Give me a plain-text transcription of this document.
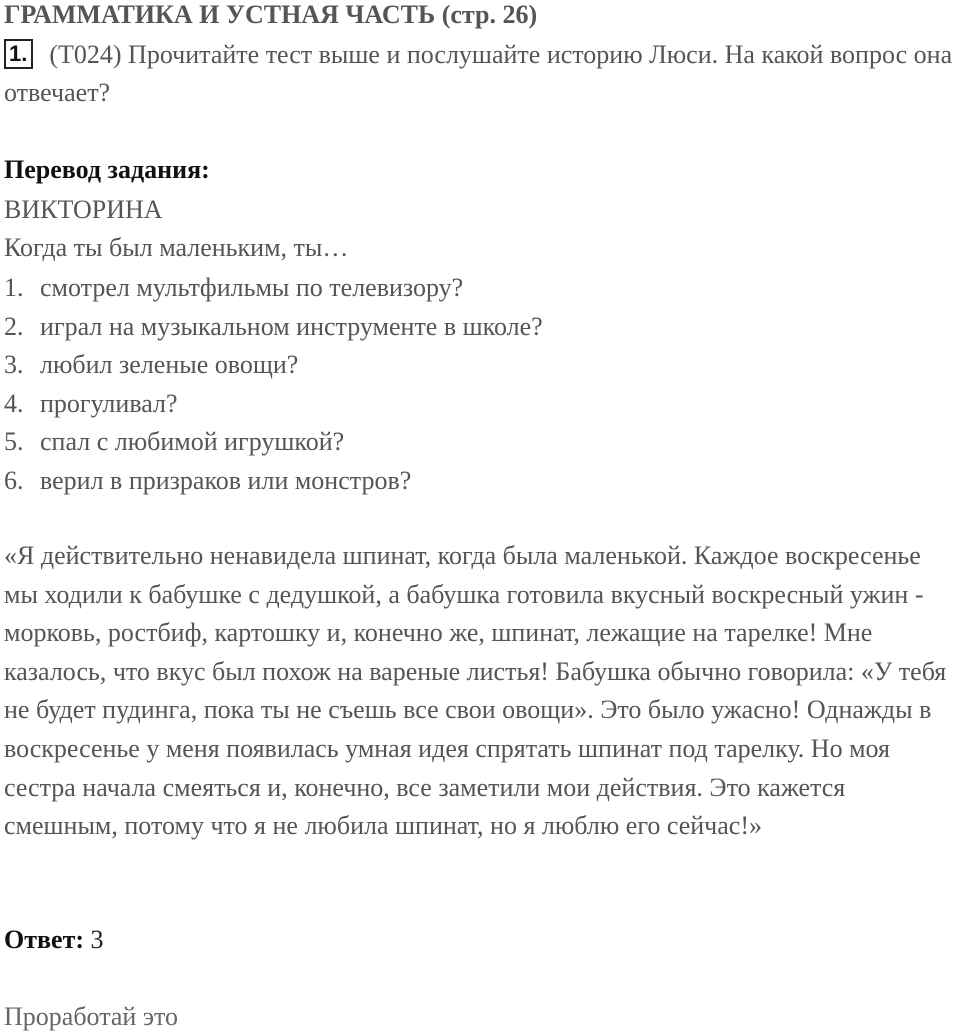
ГРАММАТИКА И УСТНАЯ ЧАСТЬ (стр. 26)
1. (T024) Прочитайте тест выше и послушайте историю Люси. На какой вопрос она отвечает?
Перевод задания:
ВИКТОРИНА
Когда ты был маленьким, ты…
1. смотрел мультфильмы по телевизору?
2. играл на музыкальном инструменте в школе?
3. любил зеленые овощи?
4. прогуливал?
5. спал с любимой игрушкой?
6. верил в призраков или монстров?

«Я действительно ненавидела шпинат, когда была маленькой. Каждое воскресенье мы ходили к бабушке с дедушкой, а бабушка готовила вкусный воскресный ужин - морковь, ростбиф, картошку и, конечно же, шпинат, лежащие на тарелке! Мне казалось, что вкус был похож на вареные листья! Бабушка обычно говорила: «У тебя не будет пудинга, пока ты не съешь все свои овощи». Это было ужасно! Однажды в воскресенье у меня появилась умная идея спрятать шпинат под тарелку. Но моя сестра начала смеяться и, конечно, все заметили мои действия. Это кажется смешным, потому что я не любила шпинат, но я люблю его сейчас!»

Ответ: 3
Проработай это
